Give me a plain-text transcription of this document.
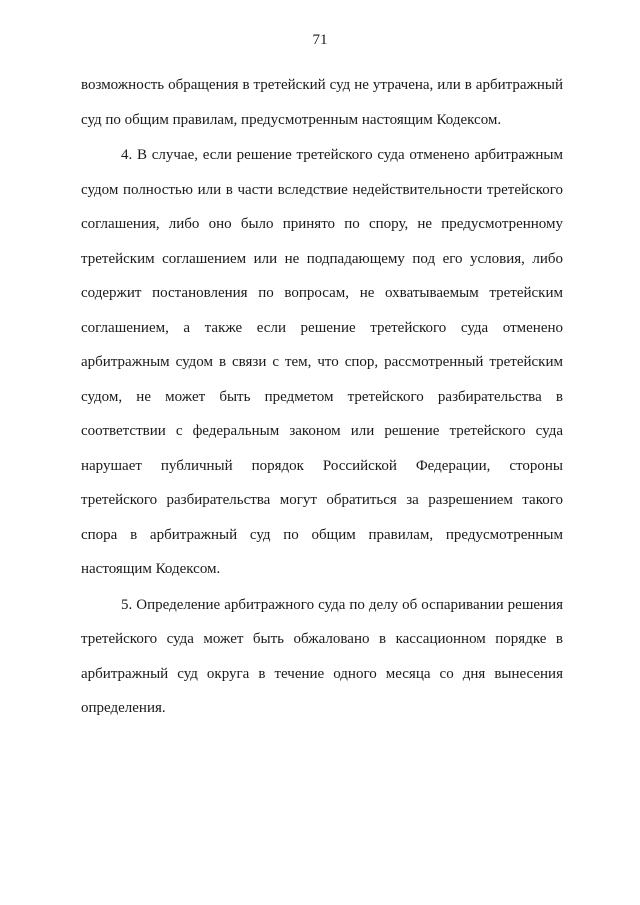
71

возможность обращения в третейский суд не утрачена, или в арбитражный суд по общим правилам, предусмотренным настоящим Кодексом.

4. В случае, если решение третейского суда отменено арбитражным судом полностью или в части вследствие недействительности третейского соглашения, либо оно было принято по спору, не предусмотренному третейским соглашением или не подпадающему под его условия, либо содержит постановления по вопросам, не охватываемым третейским соглашением, а также если решение третейского суда отменено арбитражным судом в связи с тем, что спор, рассмотренный третейским судом, не может быть предметом третейского разбирательства в соответствии с федеральным законом или решение третейского суда нарушает публичный порядок Российской Федерации, стороны третейского разбирательства могут обратиться за разрешением такого спора в арбитражный суд по общим правилам, предусмотренным настоящим Кодексом.

5. Определение арбитражного суда по делу об оспаривании решения третейского суда может быть обжаловано в кассационном порядке в арбитражный суд округа в течение одного месяца со дня вынесения определения.
